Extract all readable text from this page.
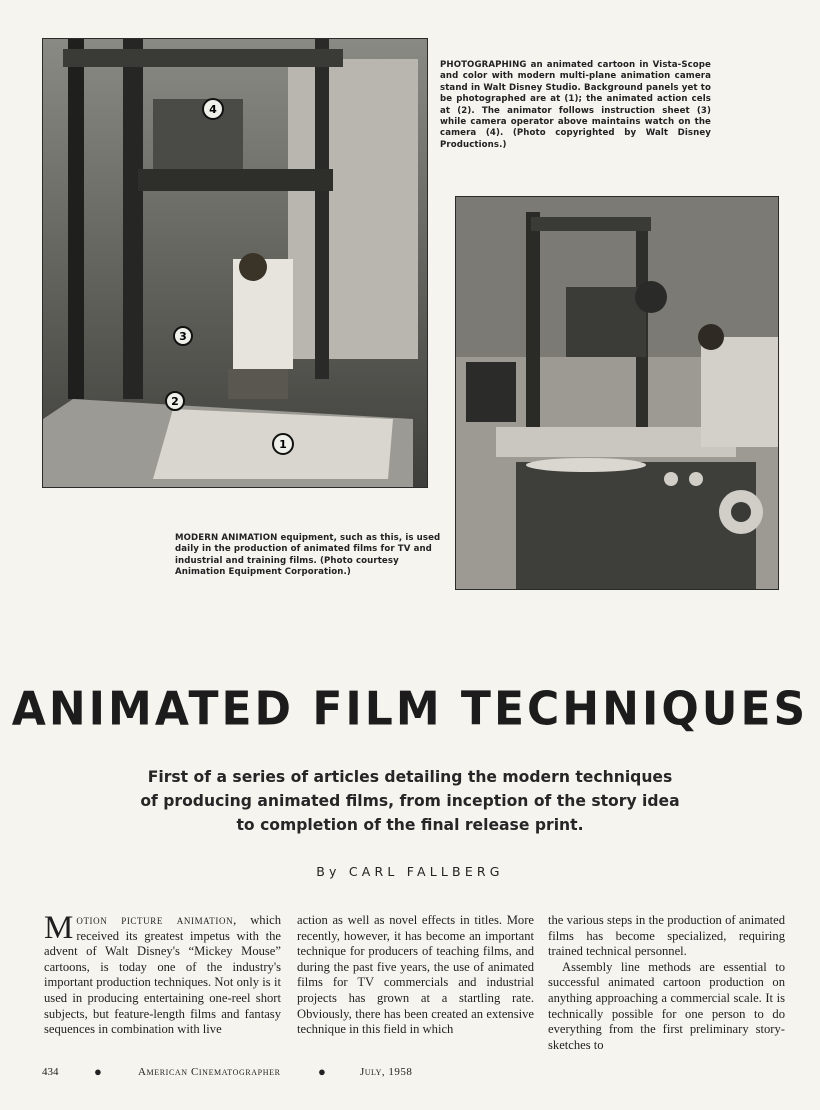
4
3
2
1
PHOTOGRAPHING an animated cartoon in Vista-Scope and color with modern multi-plane animation camera stand in Walt Disney Studio. Background panels yet to be photographed are at (1); the animated action cels at (2). The animator follows instruction sheet (3) while camera operator above maintains watch on the camera (4). (Photo copyrighted by Walt Disney Productions.)
MODERN ANIMATION equipment, such as this, is used daily in the production of animated films for TV and industrial and training films. (Photo courtesy Animation Equipment Corporation.)
ANIMATED FILM TECHNIQUES
First of a series of articles detailing the modern techniques
of producing animated films, from inception of the story idea
to completion of the final release print.
By CARL FALLBERG
Motion picture animation, which received its greatest impetus with the advent of Walt Disney's “Mickey Mouse” cartoons, is today one of the industry's important production techniques. Not only is it used in producing entertaining one-reel short subjects, but feature-length films and fantasy sequences in combination with live
action as well as novel effects in titles. More recently, however, it has become an important technique for producers of teaching films, and during the past five years, the use of animated films for TV commercials and industrial projects has grown at a startling rate. Obviously, there has been created an extensive technique in this field in which
the various steps in the production of animated films has become specialized, requiring trained technical personnel.
Assembly line methods are essential to successful animated cartoon production on anything approaching a commercial scale. It is technically possible for one person to do everything from the first preliminary story-sketches to
434	●	American Cinematographer	●	July, 1958
